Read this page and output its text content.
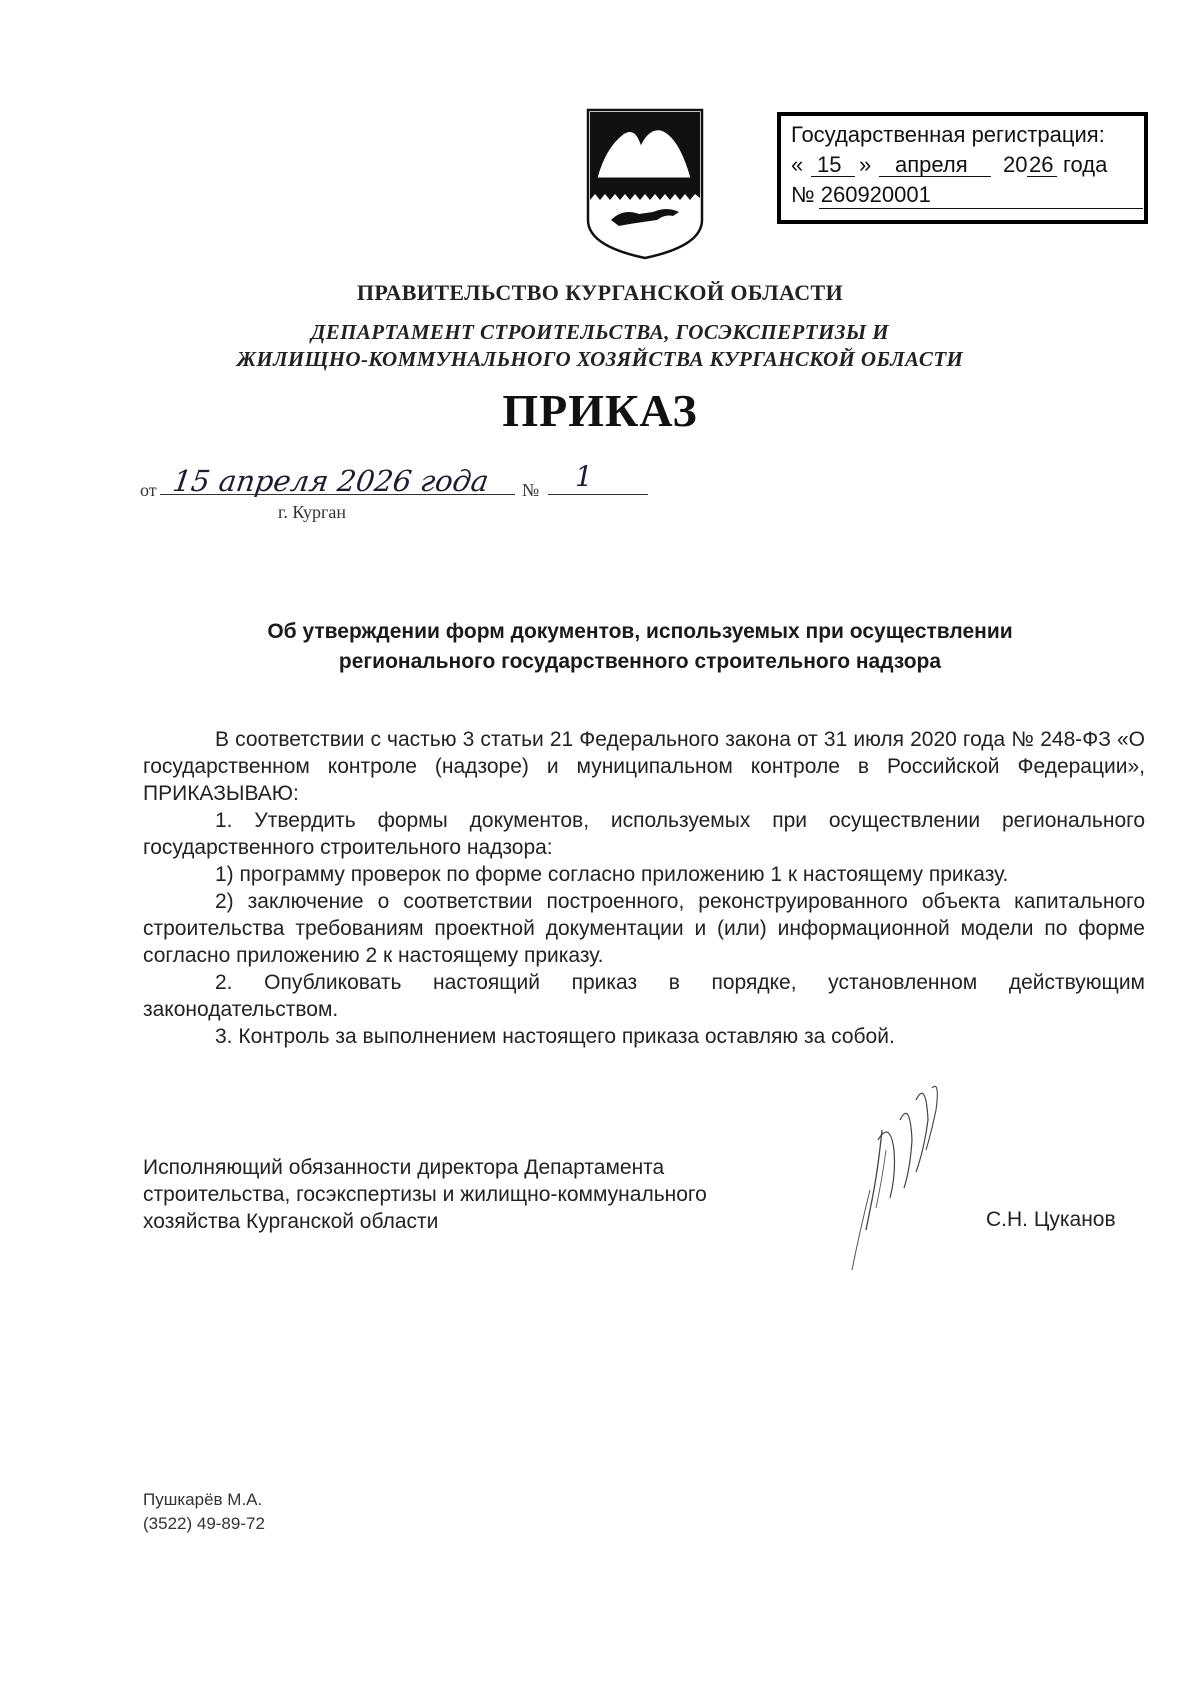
Государственная регистрация:
« 15 » апреля 20 26 года
№ 260920001
ПРАВИТЕЛЬСТВО КУРГАНСКОЙ ОБЛАСТИ
ДЕПАРТАМЕНТ СТРОИТЕЛЬСТВА, ГОСЭКСПЕРТИЗЫ И
ЖИЛИЩНО-КОММУНАЛЬНОГО ХОЗЯЙСТВА КУРГАНСКОЙ ОБЛАСТИ
ПРИКАЗ
от 15 апреля 2026 года № 1
г. Курган
Об утверждении форм документов, используемых при осуществлении
регионального государственного строительного надзора

В соответствии с частью 3 статьи 21 Федерального закона от 31 июля 2020 года № 248-ФЗ «О государственном контроле (надзоре) и муниципальном контроле в Российской Федерации», ПРИКАЗЫВАЮ:

1. Утвердить формы документов, используемых при осуществлении регионального государственного строительного надзора:

1) программу проверок по форме согласно приложению 1 к настоящему приказу.

2) заключение о соответствии построенного, реконструированного объекта капитального строительства требованиям проектной документации и (или) информационной модели по форме согласно приложению 2 к настоящему приказу.

2. Опубликовать настоящий приказ в порядке, установленном действующим законодательством.

3. Контроль за выполнением настоящего приказа оставляю за собой.

Исполняющий обязанности директора Департамента
строительства, госэкспертизы и жилищно-коммунального
хозяйства Курганской области	С.Н. Цуканов
Пушкарёв М.А.
(3522) 49-89-72
